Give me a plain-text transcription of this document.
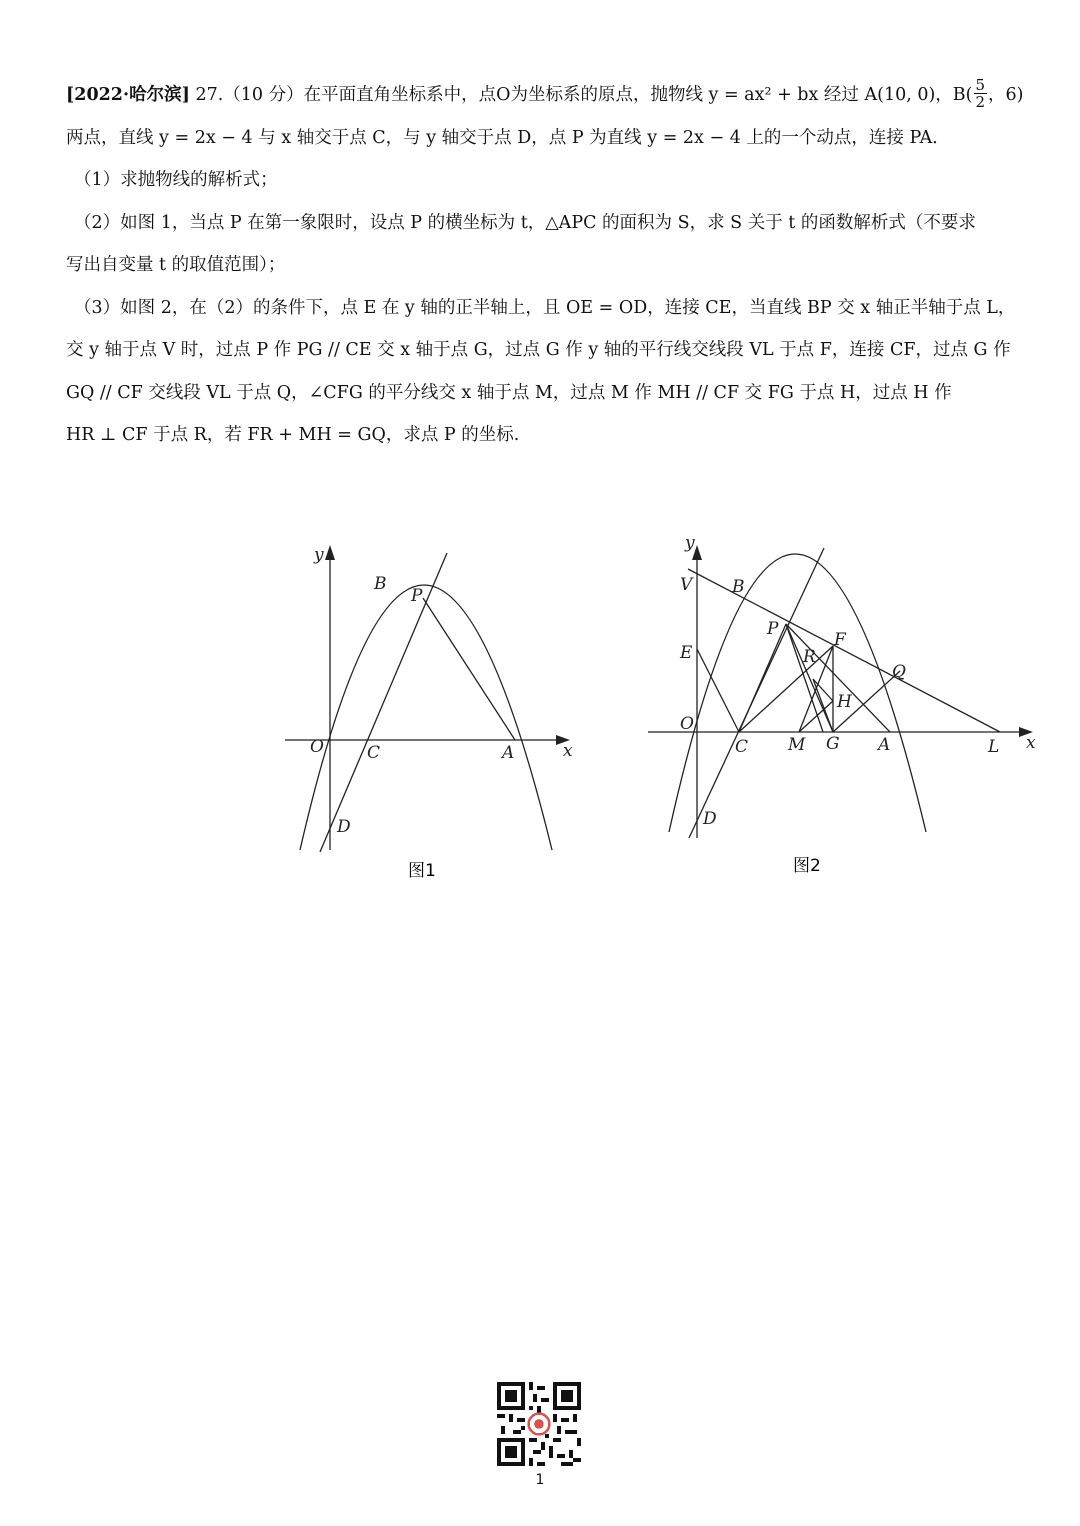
[2022·哈尔滨] 27.（10 分）在平面直角坐标系中，点O为坐标系的原点，抛物线 y = ax² + bx 经过 A(10, 0)，$B( \frac{5}{2}$ ，6)
两点，直线 y = 2x − 4 与 x 轴交于点 C，与 y 轴交于点 D，点 P 为直线 y = 2x − 4 上的一个动点，连接 PA．
（1）求抛物线的解析式；
（2）如图 1，当点 P 在第一象限时，设点 P 的横坐标为 t，△APC 的面积为 S，求 S 关于 t 的函数解析式（不要求
写出自变量 t 的取值范围）；
（3）如图 2，在（2）的条件下，点 E 在 y 轴的正半轴上，且 OE = OD，连接 CE，当直线 BP 交 x 轴正半轴于点 L，
交 y 轴于点 V 时，过点 P 作 PG // CE 交 x 轴于点 G，过点 G 作 y 轴的平行线交线段 VL 于点 F，连接 CF，过点 G 作
GQ // CF 交线段 VL 于点 Q，∠CFG 的平分线交 x 轴于点 M，过点 M 作 MH // CF 交 FG 于点 H，过点 H 作
HR ⊥ CF 于点 R，若 FR + MH = GQ，求点 P 的坐标.
y
x
O
B
P
C	A
D
图1
y
x
V B
P
F
E	R
Q
H
O
C M G A	L
D
图2
1
